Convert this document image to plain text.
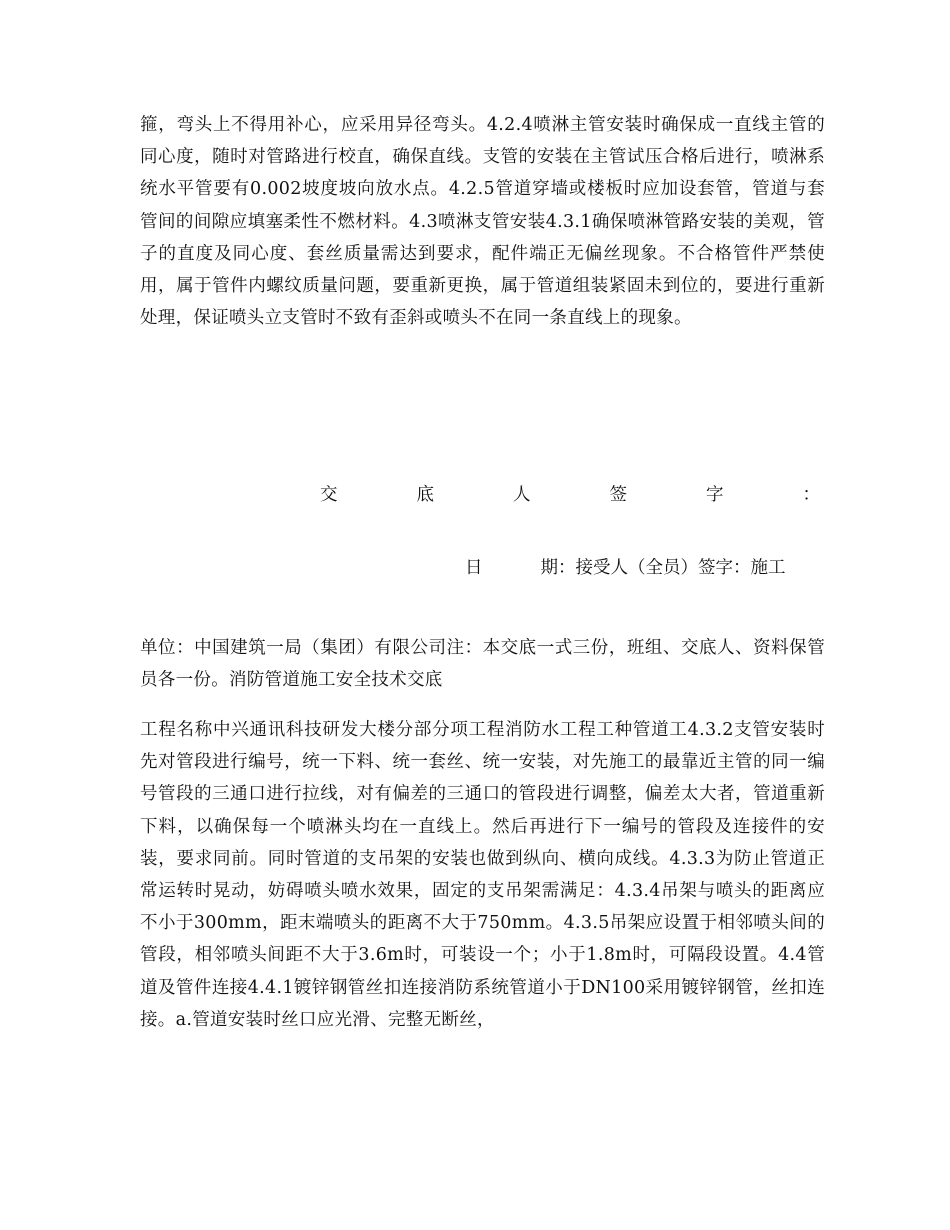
箍，弯头上不得用补心，应采用异径弯头。4.2.4喷淋主管安装时确保成一直线主管的同心度，随时对管路进行校直，确保直线。支管的安装在主管试压合格后进行，喷淋系统水平管要有0.002坡度坡向放水点。4.2.5管道穿墙或楼板时应加设套管，管道与套管间的间隙应填塞柔性不燃材料。4.3喷淋支管安装4.3.1确保喷淋管路安装的美观，管子的直度及同心度、套丝质量需达到要求，配件端正无偏丝现象。不合格管件严禁使用，属于管件内螺纹质量问题，要重新更换，属于管道组装紧固未到位的，要进行重新处理，保证喷头立支管时不致有歪斜或喷头不在同一条直线上的现象。

交	底	人	签	字	：
日	期：接受人（全员）签字：施工

单位：中国建筑一局（集团）有限公司注：本交底一式三份，班组、交底人、资料保管员各一份。消防管道施工安全技术交底

工程名称中兴通讯科技研发大楼分部分项工程消防水工程工种管道工4.3.2支管安装时先对管段进行编号，统一下料、统一套丝、统一安装，对先施工的最靠近主管的同一编号管段的三通口进行拉线，对有偏差的三通口的管段进行调整，偏差太大者，管道重新下料，以确保每一个喷淋头均在一直线上。然后再进行下一编号的管段及连接件的安装，要求同前。同时管道的支吊架的安装也做到纵向、横向成线。4.3.3为防止管道正常运转时晃动，妨碍喷头喷水效果，固定的支吊架需满足：4.3.4吊架与喷头的距离应不小于300mm，距末端喷头的距离不大于750mm。4.3.5吊架应设置于相邻喷头间的管段，相邻喷头间距不大于3.6m时，可装设一个；小于1.8m时，可隔段设置。4.4管道及管件连接4.4.1镀锌钢管丝扣连接消防系统管道小于DN100采用镀锌钢管，丝扣连接。a.管道安装时丝口应光滑、完整无断丝，
